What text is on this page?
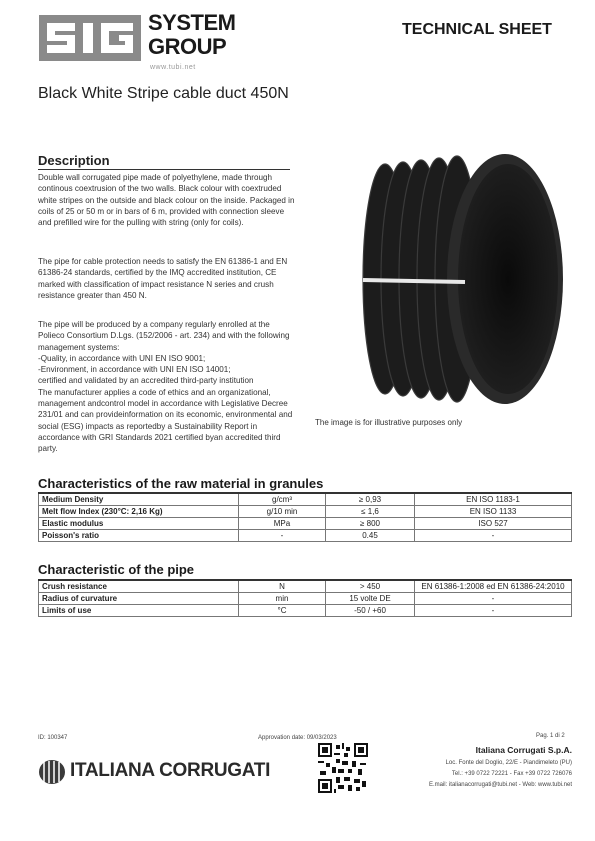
SYSTEM
GROUP
www.tubi.net
TECHNICAL SHEET
Black White Stripe cable duct 450N
Description
Double wall corrugated pipe made of polyethylene, made through continous coextrusion of the two walls. Black colour with coextruded white stripes on the outside and black colour on the inside. Packaged in coils of 25 or 50 m or in bars of 6 m, provided with connection sleeve and prefilled wire for the pulling with string (only for coils).
The pipe for cable protection needs to satisfy the EN 61386-1 and EN 61386-24 standards, certified by the IMQ accredited institution, CE marked with classification of impact resistance N series and crush resistance greater than 450 N.
The pipe will be produced by a company regularly enrolled at the Polieco Consortium D.Lgs. (152/2006 - art. 234) and with the following management systems:
-Quality, in accordance with UNI EN ISO 9001;
-Environment, in accordance with UNI EN ISO 14001;
certified and validated by an accredited third-party institution
The manufacturer applies a code of ethics and an organizational, management andcontrol model in accordance with Legislative Decree 231/01 and can provideinformation on its economic, environmental and social (ESG) impacts as reportedby a Sustainability Report in accordance with GRI Standards 2021 certified byan accredited third party.
The image is for illustrative purposes only
Characteristics of the raw material in granules
Medium Density	g/cm³	≥ 0,93	EN ISO 1183-1
Melt flow Index (230°C: 2,16 Kg)	g/10 min	≤ 1,6	EN ISO 1133
Elastic modulus	MPa	≥ 800	ISO 527
Poisson's ratio	-	0.45	-
Characteristic of the pipe
Crush resistance	N	> 450	EN 61386-1:2008 ed EN 61386-24:2010
Radius of curvature	min	15 volte DE	-
Limits of use	°C	-50 / +60	-
ID: 100347	Approvation date: 09/03/2023	Pag. 1 di 2
ITALIANA CORRUGATI
Italiana Corrugati S.p.A.
Loc. Fonte del Doglio, 22/E - Piandimeleto (PU)
Tel.: +39 0722 72221 - Fax +39 0722 726076
E.mail: italianacorrugati@tubi.net - Web: www.tubi.net
